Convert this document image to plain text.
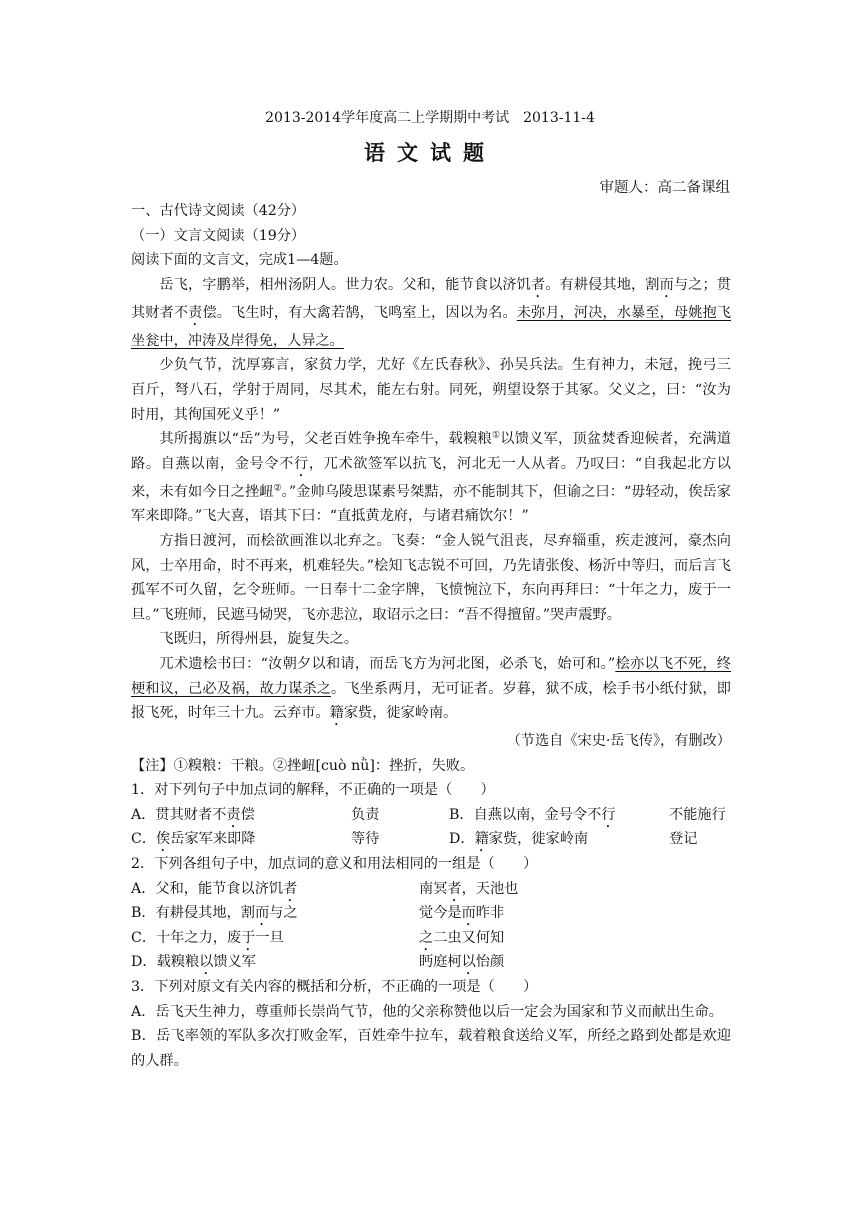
2013-2014学年度高二上学期期中考试 2013-11-4
语文试题
审题人：高二备课组
一、古代诗文阅读（42分）
（一）文言文阅读（19分）
阅读下面的文言文，完成1—4题。

岳飞，字鹏举，相州汤阴人。世力农。父和，能节食以济饥者。有耕侵其地，割而与之；贯其财者不责偿。飞生时，有大禽若鹄，飞鸣室上，因以为名。未弥月，河决，水暴至，母姚抱飞坐瓮中，冲涛及岸得免，人异之。

少负气节，沈厚寡言，家贫力学，尤好《左氏春秋》、孙吴兵法。生有神力，未冠，挽弓三百斤，弩八石，学射于周同，尽其术，能左右射。同死，朔望设祭于其冢。父义之，曰：“汝为时用，其徇国死义乎！”

其所揭旗以“岳”为号，父老百姓争挽车牵牛，载糗粮①以馈义军，顶盆焚香迎候者，充满道路。自燕以南，金号令不行，兀术欲签军以抗飞，河北无一人从者。乃叹曰：“自我起北方以来，未有如今日之挫衄②。”金帅乌陵思谋素号桀黠，亦不能制其下，但谕之曰：“毋轻动，俟岳家军来即降。”飞大喜，语其下曰：“直抵黄龙府，与诸君痛饮尔！”

方指日渡河，而桧欲画淮以北弃之。飞奏：“金人锐气沮丧，尽弃辎重，疾走渡河，豪杰向风，士卒用命，时不再来，机难轻失。”桧知飞志锐不可回，乃先请张俊、杨沂中等归，而后言飞孤军不可久留，乞令班师。一日奉十二金字牌，飞愤惋泣下，东向再拜曰：“十年之力，废于一旦。”飞班师，民遮马恸哭，飞亦悲泣，取诏示之曰：“吾不得擅留。”哭声震野。

飞既归，所得州县，旋复失之。

兀术遗桧书曰：“汝朝夕以和请，而岳飞方为河北图，必杀飞，始可和。”桧亦以飞不死，终梗和议，己必及祸，故力谋杀之。飞坐系两月，无可证者。岁暮，狱不成，桧手书小纸付狱，即报飞死，时年三十九。云弃市。籍家赀，徙家岭南。

（节选自《宋史·岳飞传》，有删改）
【注】①糗粮：干粮。②挫衄[cuò nǜ]：挫折，失败。
1．对下列句子中加点词的解释，不正确的一项是（　　）
A．贯其财者不责偿	负责	B．自燕以南，金号令不行	不能施行
C．俟岳家军来即降	等待	D．籍家赀，徙家岭南	登记
2．下列各组句子中，加点词的意义和用法相同的一组是（　　）
A．父和，能节食以济饥者	南冥者，天池也
B．有耕侵其地，割而与之	觉今是而昨非
C．十年之力，废于一旦	之二虫又何知
D．载糗粮以馈义军	眄庭柯以怡颜
3．下列对原文有关内容的概括和分析，不正确的一项是（　　）
A．岳飞天生神力，尊重师长崇尚气节，他的父亲称赞他以后一定会为国家和节义而献出生命。
B．岳飞率领的军队多次打败金军，百姓牵牛拉车，载着粮食送给义军，所经之路到处都是欢迎的人群。
